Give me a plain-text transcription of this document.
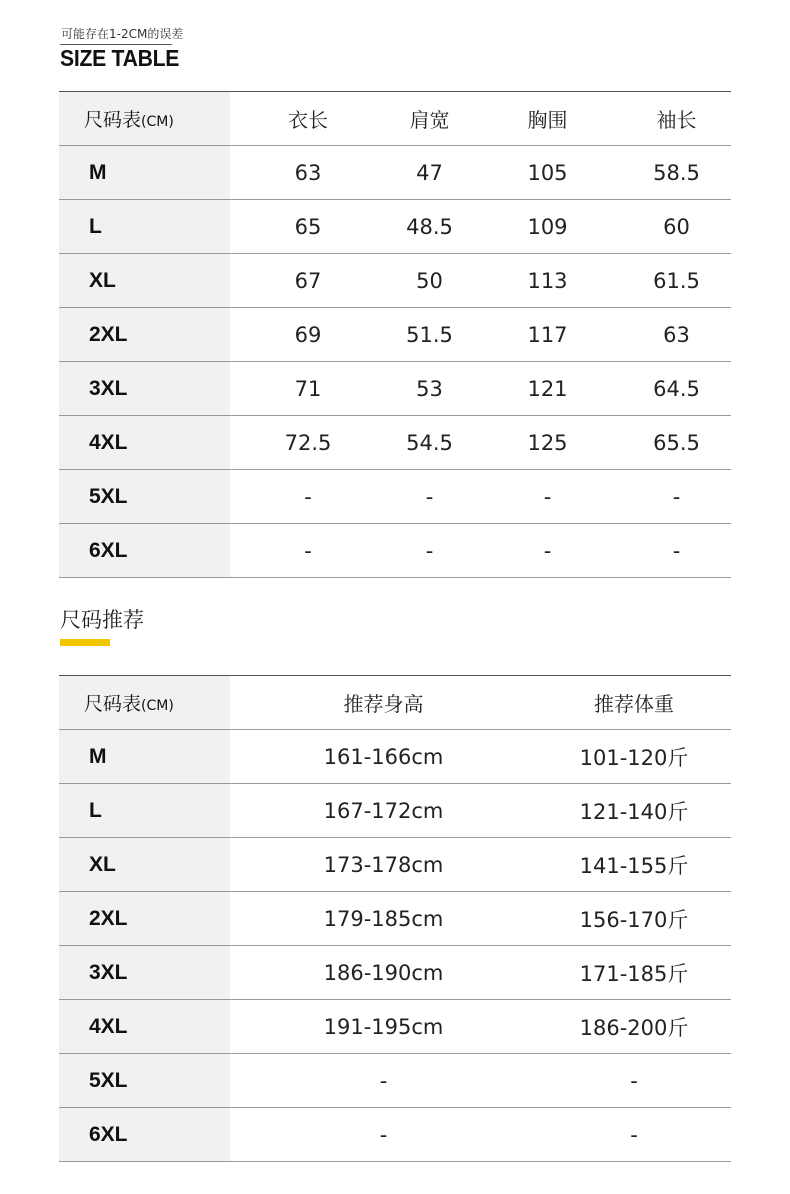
可能存在1-2CM的误差
SIZE TABLE
尺码表(CM)	衣长	肩宽	胸围	袖长
M	63	47	105	58.5
L	65	48.5	109	60
XL	67	50	113	61.5
2XL	69	51.5	117	63
3XL	71	53	121	64.5
4XL	72.5	54.5	125	65.5
5XL	-	-	-	-
6XL	-	-	-	-
尺码推荐
尺码表(CM)	推荐身高	推荐体重
M	161-166cm	101-120斤
L	167-172cm	121-140斤
XL	173-178cm	141-155斤
2XL	179-185cm	156-170斤
3XL	186-190cm	171-185斤
4XL	191-195cm	186-200斤
5XL	-	-
6XL	-	-
